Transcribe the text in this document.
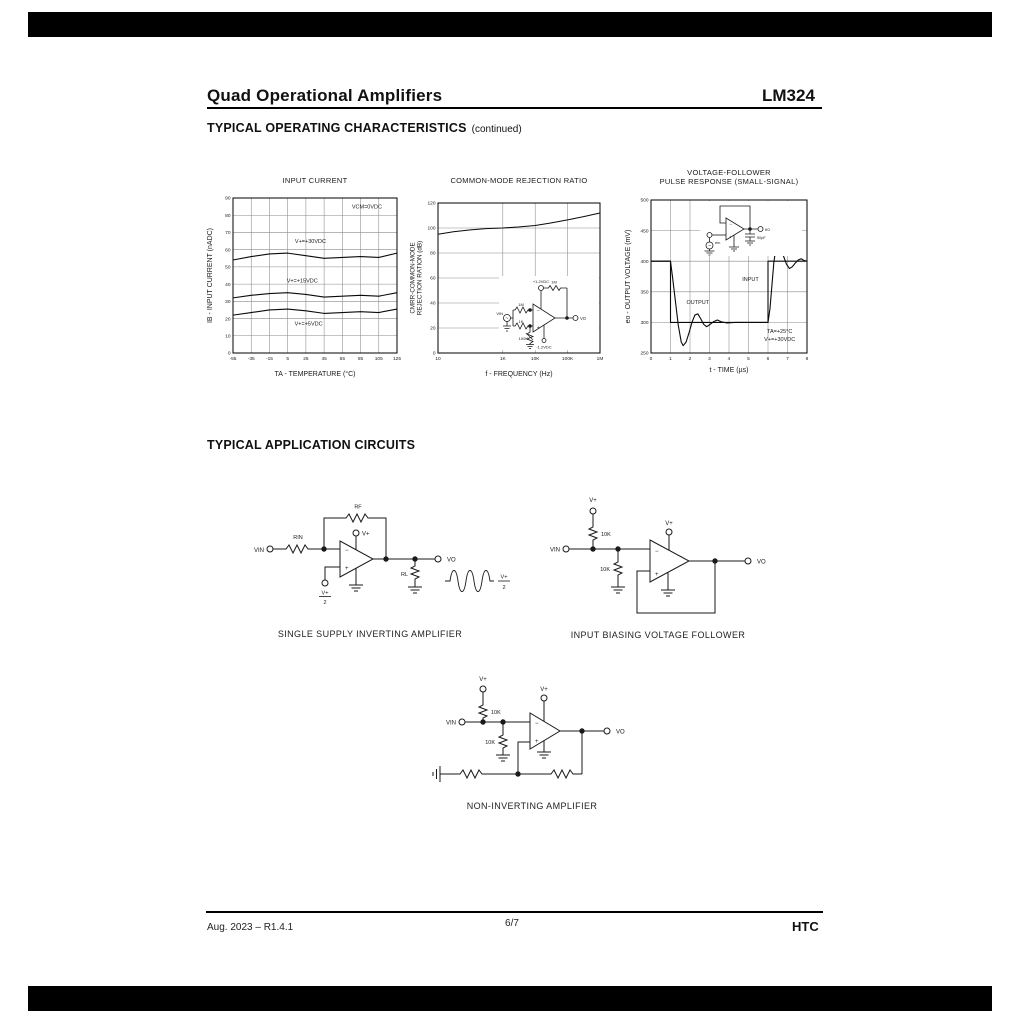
Quad Operational Amplifiers	LM324
TYPICAL OPERATING CHARACTERISTICS (continued)
-55 -35 -15	5	25	45	65	85 105 125
0
10
20
30
40
50
60
70
80
90
INPUT CURRENT
TA - TEMPERATURE (°C)
IB - INPUT CURRENT (nADC)
VCM=0VDC
V+=+30VDC
V+=+15VDC
V+=+5VDC
10	1K	10K	100K	1M
0
20
40
60
80
100
120
COMMON-MODE REJECTION RATIO
f - FREQUENCY (Hz)
CMRR-COMMON-MODE REJECTION RATION (dB)
0	1	2	3	4	5	6	7	8
250
300
350
400
450
500
VOLTAGE-FOLLOWER
PULSE RESPONSE (SMALL-SIGNAL)
t - TIME (µs)
eo - OUTPUT VOLTAGE (mV)	OUTPUT
INPUT
TA=+25°C
V+=+30VDC
~
−
+
1M
1K
100K
VIN
+1.2VDC 1M
VO
-1.2VDC
~
−
+
eo
50pF
ein
TYPICAL APPLICATION CIRCUITS
VIN
RIN
RF
−
+
V+
V+
2
RL
VO
V+
2
SINGLE SUPPLY INVERTING AMPLIFIER
V+
10K
VIN
10K
V+
−
+
VO
INPUT BIASING VOLTAGE FOLLOWER
V+
10K
VIN
10K
V+
−
+
VO
NON-INVERTING AMPLIFIER
Aug. 2023 – R1.4.1	6/7	HTC
